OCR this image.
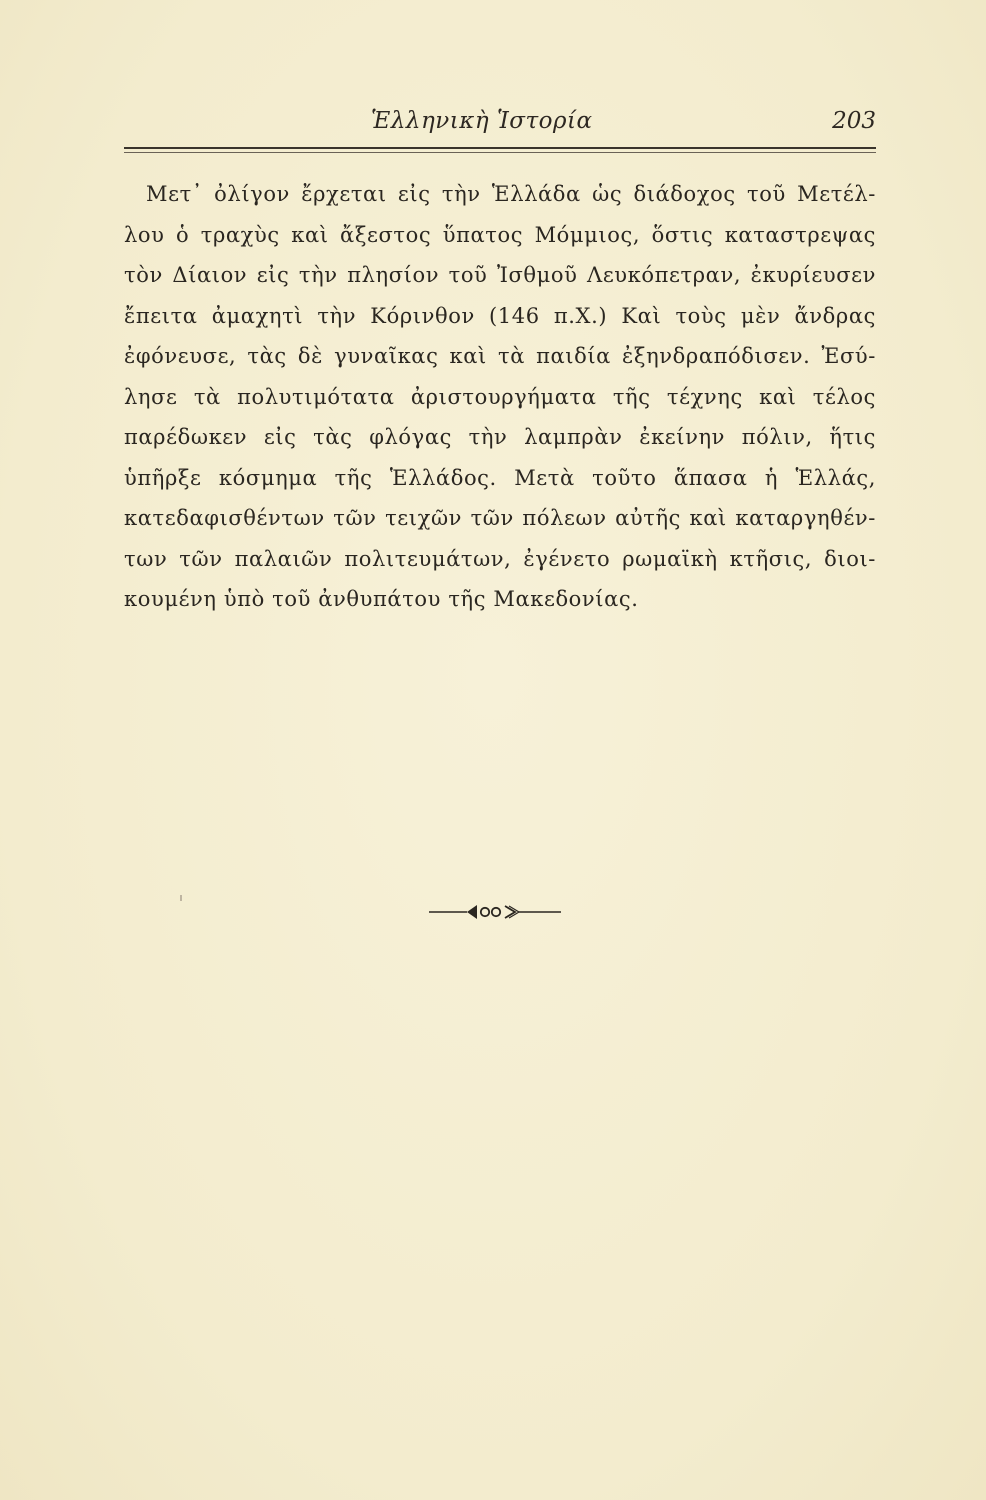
Ἑλληνικὴ Ἱστορία	203
Μετ᾽ ὀλίγον ἔρχεται εἰς τὴν Ἑλλάδα ὡς διάδοχος τοῦ Μετέλ-
λου ὁ τραχὺς καὶ ἄξεστος ὕπατος Μόμμιος, ὅστις καταστρεψας
τὸν Δίαιον εἰς τὴν πλησίον τοῦ Ἰσθμοῦ Λευκόπετραν, ἐκυρίευσεν
ἔπειτα ἀμαχητὶ τὴν Κόρινθον (146 π.Χ.) Καὶ τοὺς μὲν ἄνδρας
ἐφόνευσε, τὰς δὲ γυναῖκας καὶ τὰ παιδία ἐξηνδραπόδισεν. Ἐσύ-
λησε τὰ πολυτιμότατα ἀριστουργήματα τῆς τέχνης καὶ τέλος
παρέδωκεν εἰς τὰς φλόγας τὴν λαμπρὰν ἐκείνην πόλιν, ἥτις
ὑπῆρξε κόσμημα τῆς Ἑλλάδος. Μετὰ τοῦτο ἅπασα ἡ Ἑλλάς,
κατεδαφισθέντων τῶν τειχῶν τῶν πόλεων αὐτῆς καὶ καταργηθέν-
των τῶν παλαιῶν πολιτευμάτων, ἐγένετο ρωμαϊκὴ κτῆσις, διοι-
κουμένη ὑπὸ τοῦ ἀνθυπάτου τῆς Μακεδονίας.
